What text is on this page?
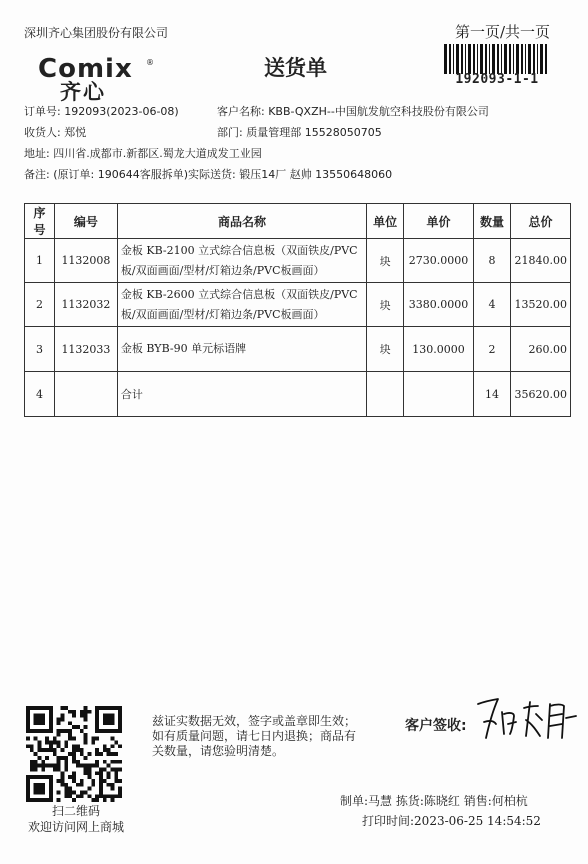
深圳齐心集团股份有限公司	第一页/共一页
Comix ®
齐心
送货单	192093-1-1
订单号: 192093(2023-06-08)	客户名称: KBB-QXZH--中国航发航空科技股份有限公司
收货人: 郑悦	部门: 质量管理部 15528050705
地址: 四川省.成都市.新都区.蜀龙大道成发工业园
备注: (原订单: 190644客服拆单)实际送货: 锻压14厂 赵帅 13550648060
序号	编号	商品名称	单位	单价	数量	总价
1	1132008	金板 KB-2100 立式综合信息板（双面铁皮/PVC板/双面画面/型材/灯箱边条/PVC板画面）	块	2730.0000	8	21840.00
2	1132032	金板 KB-2600 立式综合信息板（双面铁皮/PVC板/双面画面/型材/灯箱边条/PVC板画面）	块	3380.0000	4	13520.00
3	1132033	金板 BYB-90 单元标语牌	块	130.0000	2	260.00
4		合计			14	35620.00
扫二维码
欢迎访问网上商城
兹证实数据无效，签字或盖章即生效；如有质量问题，请七日内退换；商品有关数量，请您验明清楚。
客户签收:
制单:马慧 拣货:陈晓红 销售:何柏杭
打印时间:2023-06-25 14:54:52
